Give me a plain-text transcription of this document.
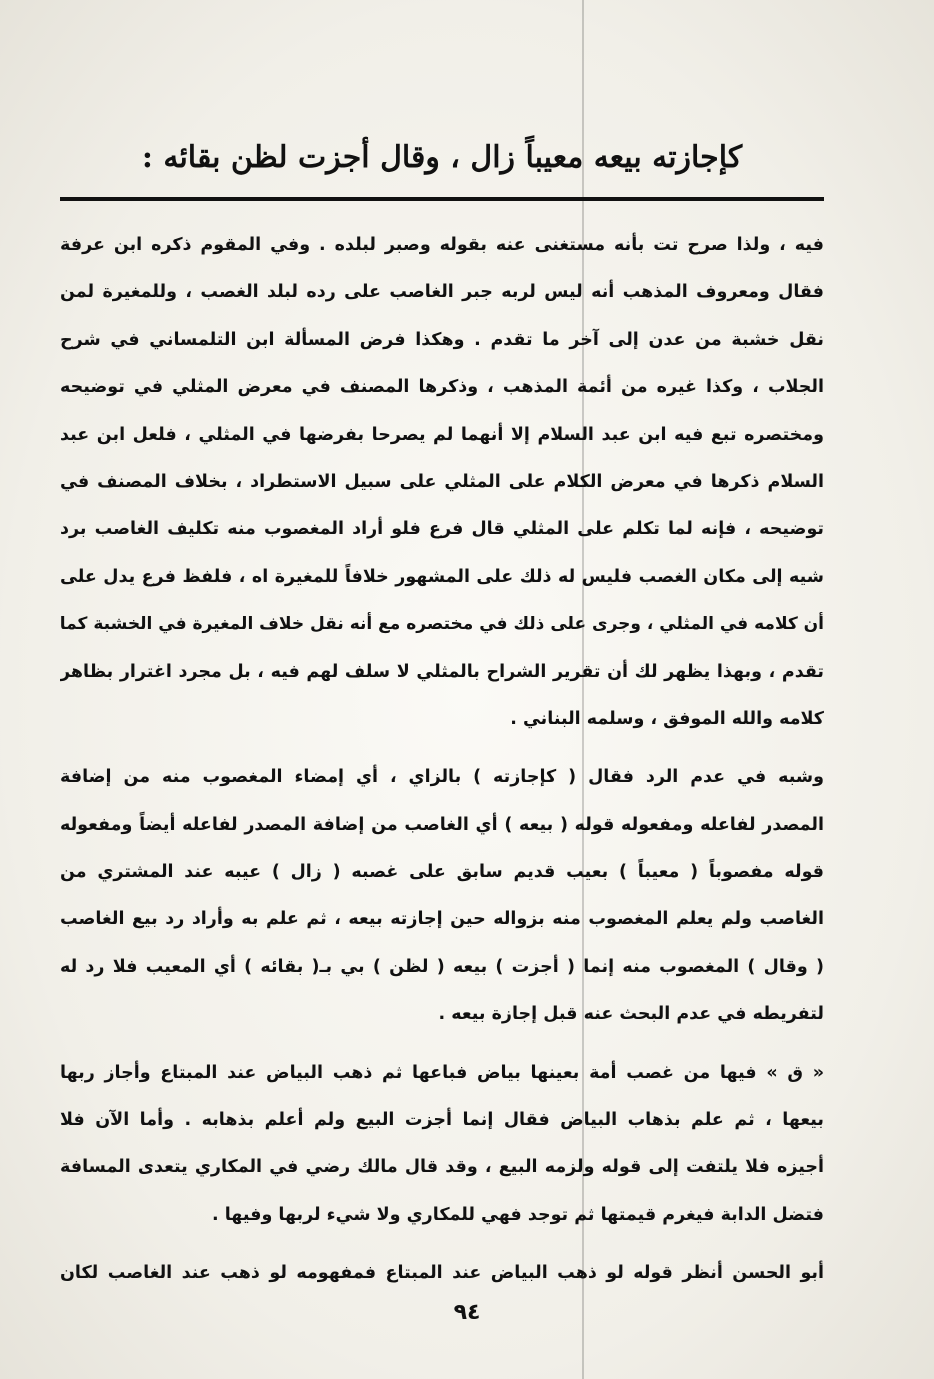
كإجازته بيعه معيباً زال ، وقال أجزت لظن بقائه :
فيه ، ولذا صرح تت بأنه مستغنى عنه بقوله وصبر لبلده . وفي المقوم ذكره ابن عرفة
فقال ومعروف المذهب أنه ليس لربه جبر الغاصب على رده لبلد الغصب ، وللمغيرة لمن
نقل خشبة من عدن إلى آخر ما تقدم . وهكذا فرض المسألة ابن التلمساني في شرح
الجلاب ، وكذا غيره من أئمة المذهب ، وذكرها المصنف في معرض المثلي في توضيحه
ومختصره تبع فيه ابن عبد السلام إلا أنهما لم يصرحا بفرضها في المثلي ، فلعل ابن عبد
السلام ذكرها في معرض الكلام على المثلي على سبيل الاستطراد ، بخلاف المصنف في
توضيحه ، فإنه لما تكلم على المثلي قال فرع فلو أراد المغصوب منه تكليف الغاصب برد
شيه إلى مكان الغصب فليس له ذلك على المشهور خلافاً للمغيرة اه ، فلفظ فرع يدل على
أن كلامه في المثلي ، وجرى على ذلك في مختصره مع أنه نقل خلاف المغيرة في الخشبة كما
تقدم ، وبهذا يظهر لك أن تقرير الشراح بالمثلي لا سلف لهم فيه ، بل مجرد اغترار بظاهر
كلامه والله الموفق ، وسلمه البناني .
وشبه في عدم الرد فقال ( كإجازته ) بالزاي ، أي إمضاء المغصوب منه من إضافة
المصدر لفاعله ومفعوله قوله ( بيعه ) أي الغاصب من إضافة المصدر لفاعله أيضاً ومفعوله
قوله مفصوباً ( معيباً ) بعيب قديم سابق على غصبه ( زال ) عيبه عند المشتري من
الغاصب ولم يعلم المغصوب منه بزواله حين إجازته بيعه ، ثم علم به وأراد رد بيع الغاصب
( وقال ) المغصوب منه إنما ( أجزت ) بيعه ( لظن ) بي بـ( بقائه ) أي المعيب فلا رد له
لتفريطه في عدم البحث عنه قبل إجازة بيعه .
« ق » فيها من غصب أمة بعينها بياض فباعها ثم ذهب البياض عند المبتاع وأجاز ربها
بيعها ، ثم علم بذهاب البياض فقال إنما أجزت البيع ولم أعلم بذهابه . وأما الآن فلا
أجيزه فلا يلتفت إلى قوله ولزمه البيع ، وقد قال مالك رضي في المكاري يتعدى المسافة
فتضل الدابة فيغرم قيمتها ثم توجد فهي للمكاري ولا شيء لربها وفيها .
أبو الحسن أنظر قوله لو ذهب البياض عند المبتاع فمفهومه لو ذهب عند الغاصب لكان
٩٤
